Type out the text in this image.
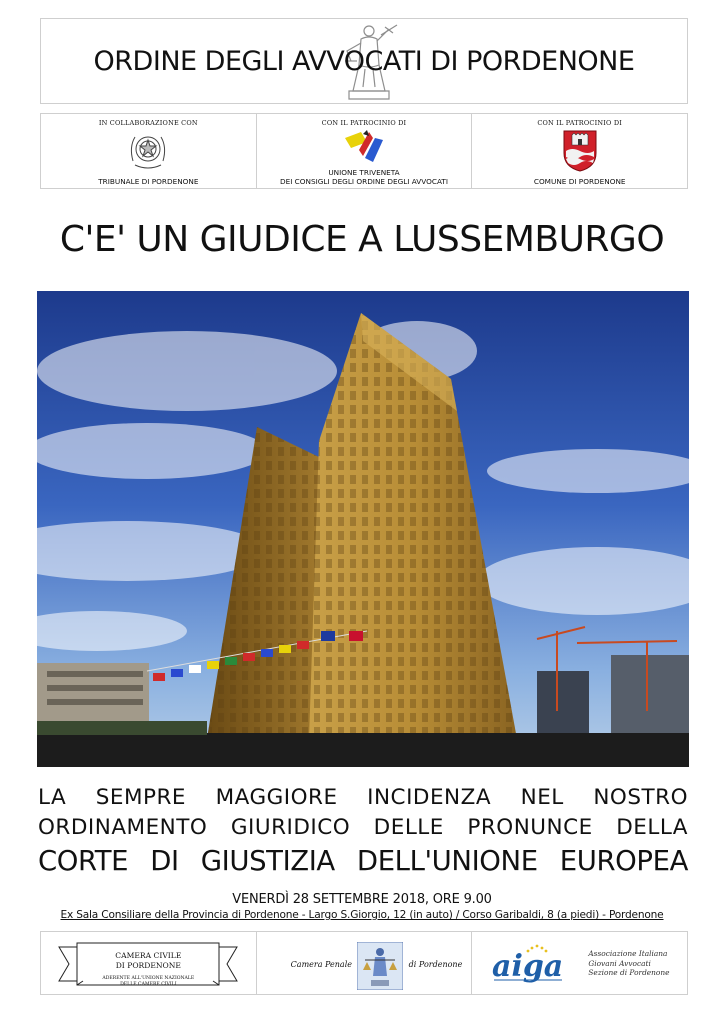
ORDINE DEGLI AVVOCATI DI PORDENONE
IN COLLABORAZIONE CON
TRIBUNALE DI PORDENONE
CON IL PATROCINIO DI
UNIONE TRIVENETA
DEI CONSIGLI DEGLI ORDINE DEGLI AVVOCATI
CON IL PATROCINIO DI
COMUNE DI PORDENONE
C'E' UN GIUDICE A LUSSEMBURGO
LA SEMPRE MAGGIORE INCIDENZA NEL NOSTRO
ORDINAMENTO GIURIDICO DELLE PRONUNCE DELLA
CORTE DI GIUSTIZIA DELL'UNIONE EUROPEA
VENERDÌ 28 SETTEMBRE 2018, ORE 9.00
Ex Sala Consiliare della Provincia di Pordenone - Largo S.Giorgio, 12 (in auto) / Corso Garibaldi, 8 (a piedi) - Pordenone
CAMERA CIVILE
DI PORDENONE
ADERENTE ALL'UNIONE NAZIONALE
DELLE CAMERE CIVILI
Camera Penale	di Pordenone aiga	Associazione Italiana
Giovani Avvocati
Sezione di Pordenone
